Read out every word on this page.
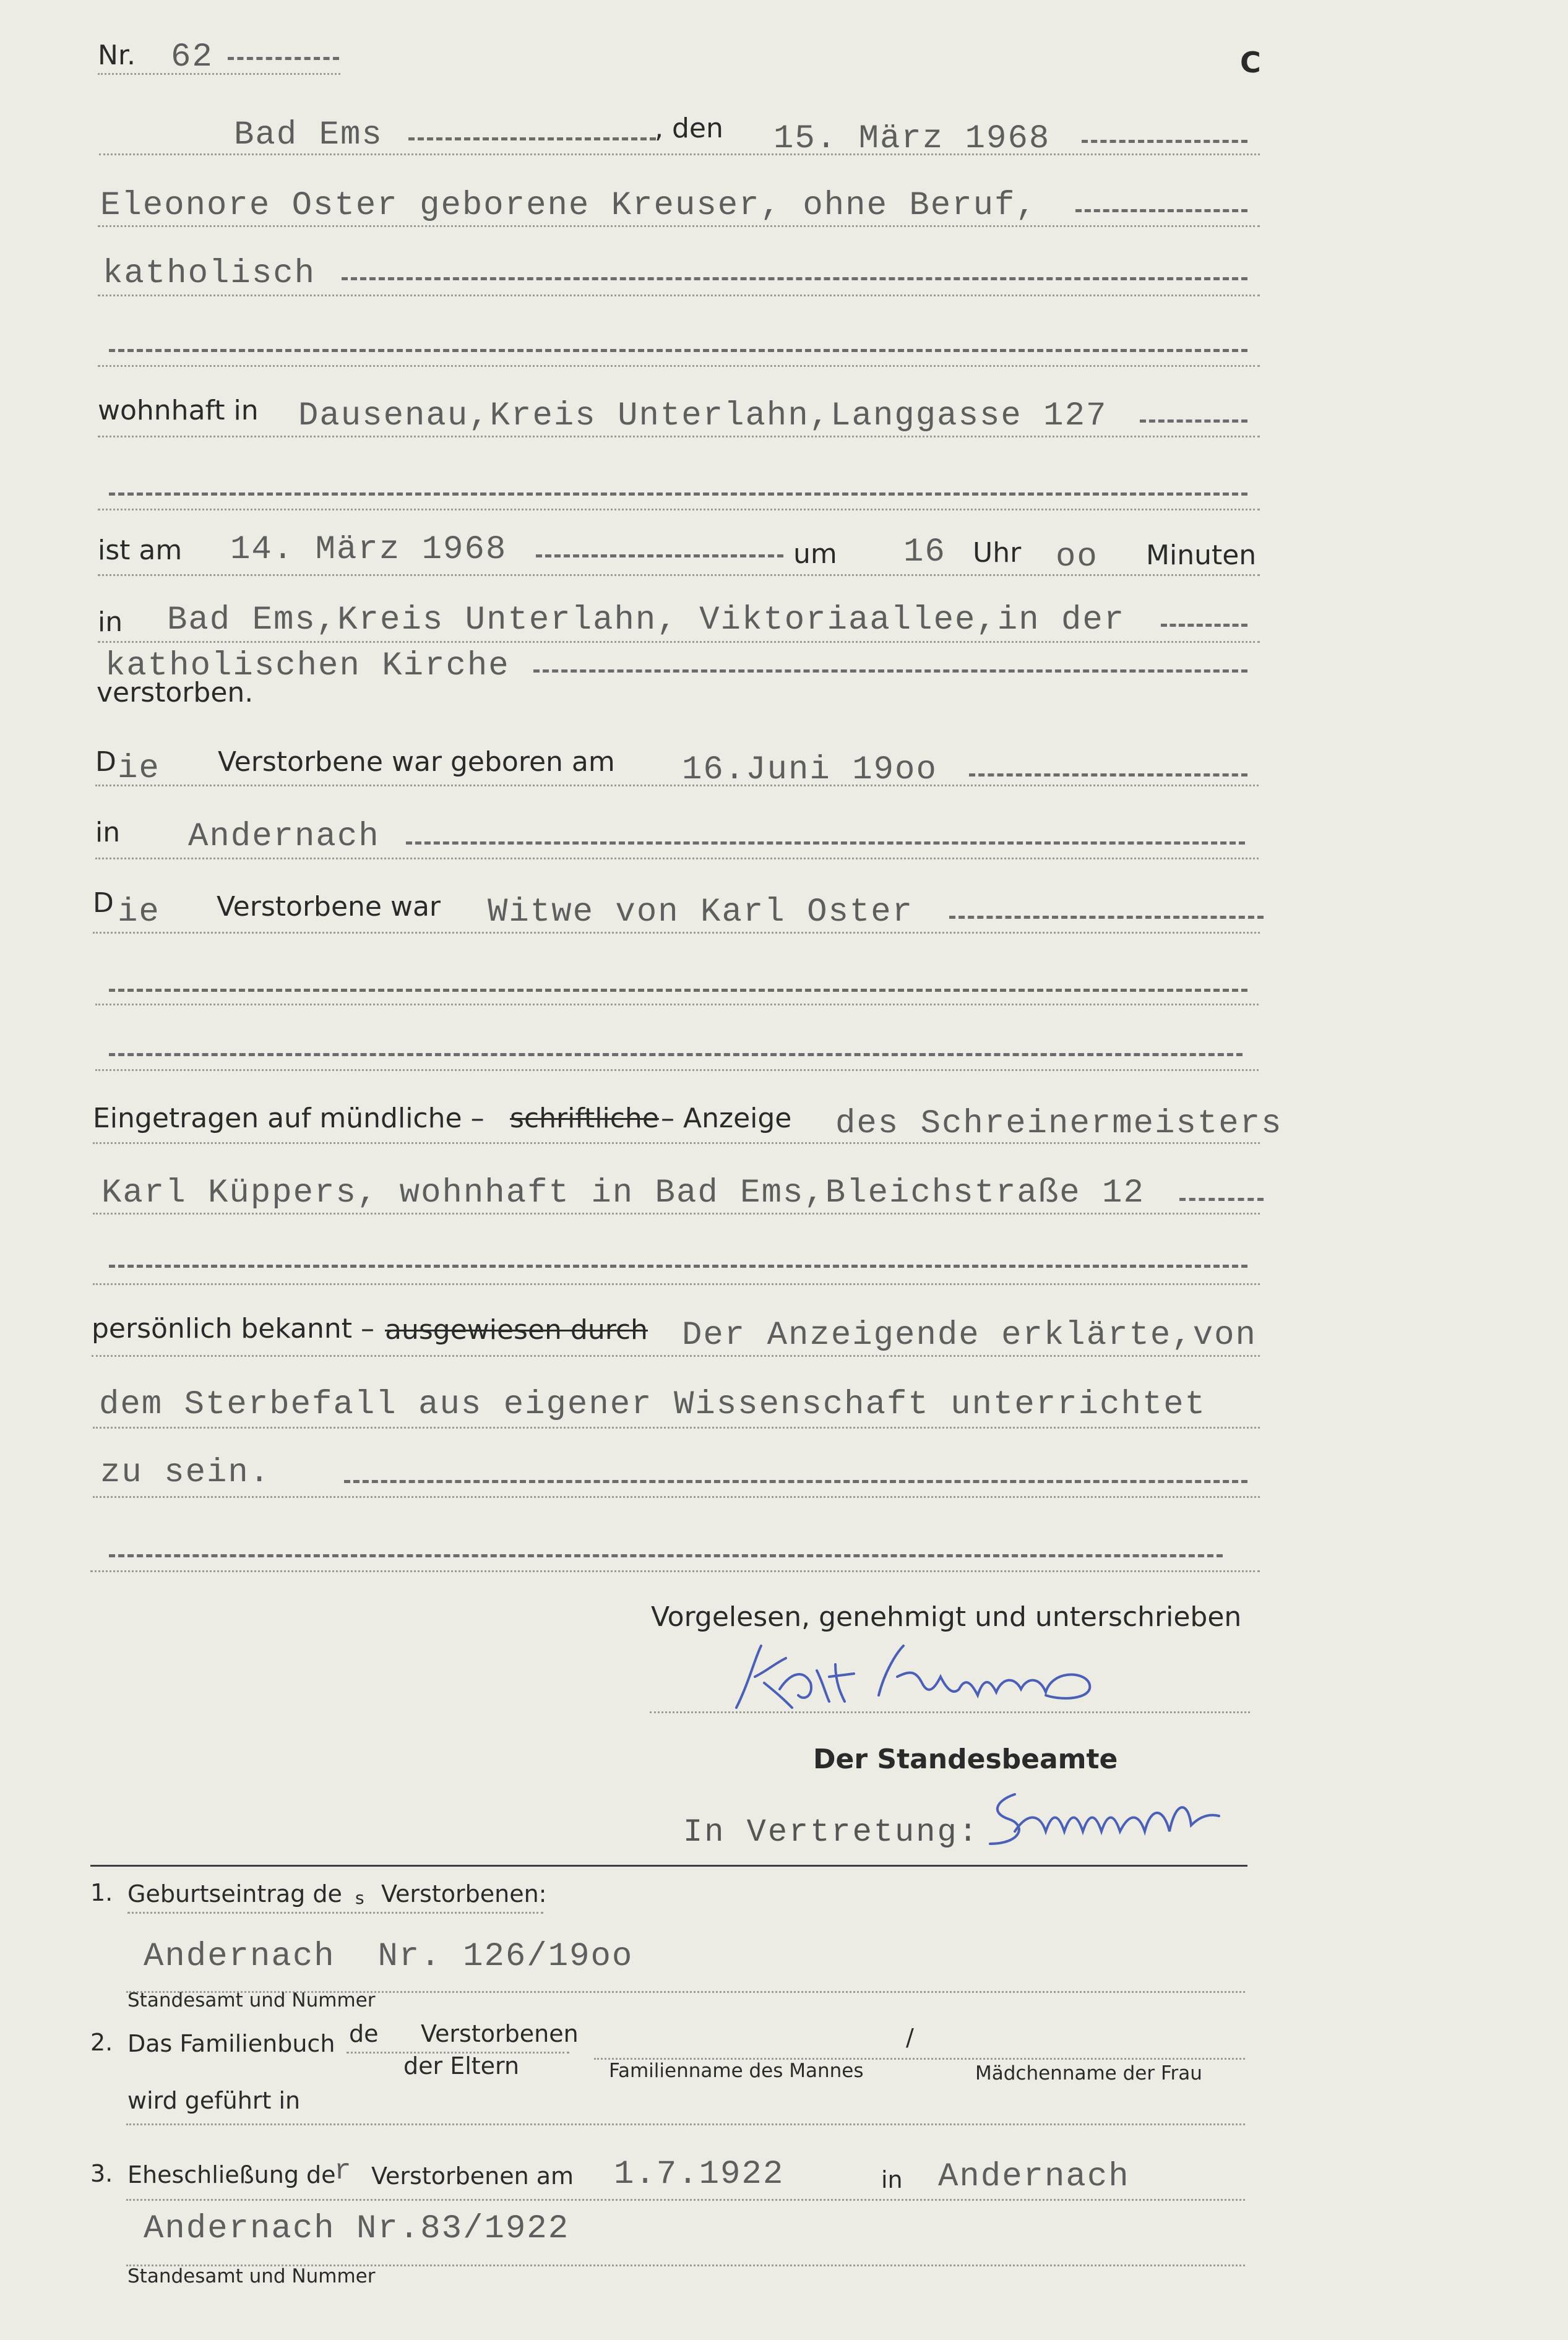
Nr. 62	C
Bad Ems	, den 15. März 1968
Eleonore Oster geborene Kreuser, ohne Beruf,
katholisch
wohnhaft in Dausenau,Kreis Unterlahn,Langgasse 127
ist am 14. März 1968	um 16 Uhr oo Minuten
in Bad Ems,Kreis Unterlahn, Viktoriaallee,in der
katholischen Kirche
verstorben.
D ie Verstorbene war geboren am 16.Juni 19oo
in Andernach
D ie Verstorbene war Witwe von Karl Oster
Eingetragen auf mündliche – schriftliche – Anzeige des Schreinermeisters
Karl Küppers, wohnhaft in Bad Ems,Bleichstraße 12
persönlich bekannt – ausgewiesen durch Der Anzeigende erklärte,von
dem Sterbefall aus eigener Wissenschaft unterrichtet
zu sein.
Vorgelesen, genehmigt und unterschrieben
Karl Küppers
Der Standesbeamte
In Vertretung:
Semmel
1. Geburtseintrag de s Verstorbenen:
Andernach  Nr. 126/19oo
Standesamt und Nummer
2. Das Familienbuch de Verstorbenen
der Eltern
/
Familienname des Mannes	Mädchenname der Frau
wird geführt in
3. Eheschließung de
r Verstorbenen am 1.7.1922	in Andernach
Andernach Nr.83/1922
Standesamt und Nummer
